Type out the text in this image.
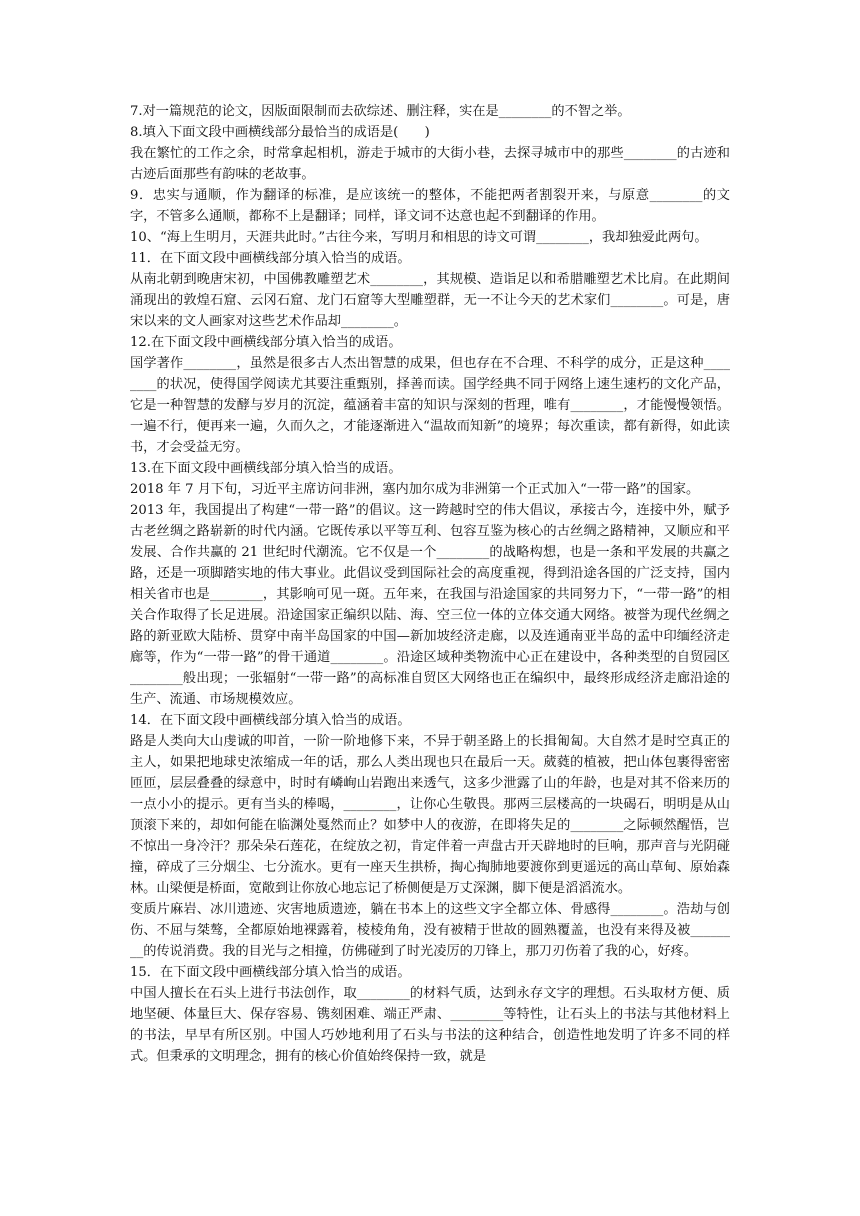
7.对一篇规范的论文，因版面限制而去砍综述、删注释，实在是________的不智之举。

8.填入下面文段中画横线部分最恰当的成语是(　　)

我在繁忙的工作之余，时常拿起相机，游走于城市的大街小巷，去探寻城市中的那些________的古迹和古迹后面那些有韵味的老故事。

9．忠实与通顺，作为翻译的标准，是应该统一的整体，不能把两者割裂开来，与原意________的文字，不管多么通顺，都称不上是翻译；同样，译文词不达意也起不到翻译的作用。

10、“海上生明月，天涯共此时。”古往今来，写明月和相思的诗文可谓________，我却独爱此两句。

11．在下面文段中画横线部分填入恰当的成语。

从南北朝到晚唐宋初，中国佛教雕塑艺术________，其规模、造诣足以和希腊雕塑艺术比肩。在此期间涌现出的敦煌石窟、云冈石窟、龙门石窟等大型雕塑群，无一不让今天的艺术家们________。可是，唐宋以来的文人画家对这些艺术作品却________。

12.在下面文段中画横线部分填入恰当的成语。

国学著作________，虽然是很多古人杰出智慧的成果，但也存在不合理、不科学的成分，正是这种________的状况，使得国学阅读尤其要注重甄别，择善而读。国学经典不同于网络上速生速朽的文化产品，它是一种智慧的发酵与岁月的沉淀，蕴涵着丰富的知识与深刻的哲理，唯有________，才能慢慢领悟。一遍不行，便再来一遍，久而久之，才能逐渐进入“温故而知新”的境界；每次重读，都有新得，如此读书，才会受益无穷。

13.在下面文段中画横线部分填入恰当的成语。

2018 年 7 月下旬，习近平主席访问非洲，塞内加尔成为非洲第一个正式加入“一带一路”的国家。

2013 年，我国提出了构建“一带一路”的倡议。这一跨越时空的伟大倡议，承接古今，连接中外，赋予古老丝绸之路崭新的时代内涵。它既传承以平等互利、包容互鉴为核心的古丝绸之路精神，又顺应和平发展、合作共赢的 21 世纪时代潮流。它不仅是一个________的战略构想，也是一条和平发展的共赢之路，还是一项脚踏实地的伟大事业。此倡议受到国际社会的高度重视，得到沿途各国的广泛支持，国内相关省市也是________，其影响可见一斑。五年来，在我国与沿途国家的共同努力下，“一带一路”的相关合作取得了长足进展。沿途国家正编织以陆、海、空三位一体的立体交通大网络。被誉为现代丝绸之路的新亚欧大陆桥、贯穿中南半岛国家的中国—新加坡经济走廊，以及连通南亚半岛的孟中印缅经济走廊等，作为“一带一路”的骨干通道________。沿途区域种类物流中心正在建设中，各种类型的自贸园区________般出现；一张辐射“一带一路”的高标准自贸区大网络也正在编织中，最终形成经济走廊沿途的生产、流通、市场规模效应。

14．在下面文段中画横线部分填入恰当的成语。

路是人类向大山虔诚的叩首，一阶一阶地修下来，不异于朝圣路上的长揖匍匐。大自然才是时空真正的主人，如果把地球史浓缩成一年的话，那么人类出现也只在最后一天。葳蕤的植被，把山体包裹得密密匝匝，层层叠叠的绿意中，时时有嶙峋山岩跑出来透气，这多少泄露了山的年龄，也是对其不俗来历的一点小小的提示。更有当头的棒喝，________，让你心生敬畏。那两三层楼高的一块碣石，明明是从山顶滚下来的，却如何能在临渊处戛然而止？如梦中人的夜游，在即将失足的________之际顿然醒悟，岂不惊出一身冷汗？那朵朵石莲花，在绽放之初，肯定伴着一声盘古开天辟地时的巨响，那声音与光阴碰撞，碎成了三分烟尘、七分流水。更有一座天生拱桥，掏心掏肺地要渡你到更遥远的高山草甸、原始森林。山梁便是桥面，宽敞到让你放心地忘记了桥侧便是万丈深渊，脚下便是滔滔流水。

变质片麻岩、冰川遗迹、灾害地质遗迹，躺在书本上的这些文字全都立体、骨感得________。浩劫与创伤、不屈与桀骜，全都原始地裸露着，棱棱角角，没有被精于世故的圆熟覆盖，也没有来得及被________的传说消费。我的目光与之相撞，仿佛碰到了时光凌厉的刀锋上，那刀刃伤着了我的心，好疼。

15．在下面文段中画横线部分填入恰当的成语。

中国人擅长在石头上进行书法创作，取________的材料气质，达到永存文字的理想。石头取材方便、质地坚硬、体量巨大、保存容易、镌刻困难、端正严肃、________等特性，让石头上的书法与其他材料上的书法，早早有所区别。中国人巧妙地利用了石头与书法的这种结合，创造性地发明了许多不同的样式。但秉承的文明理念，拥有的核心价值始终保持一致，就是
